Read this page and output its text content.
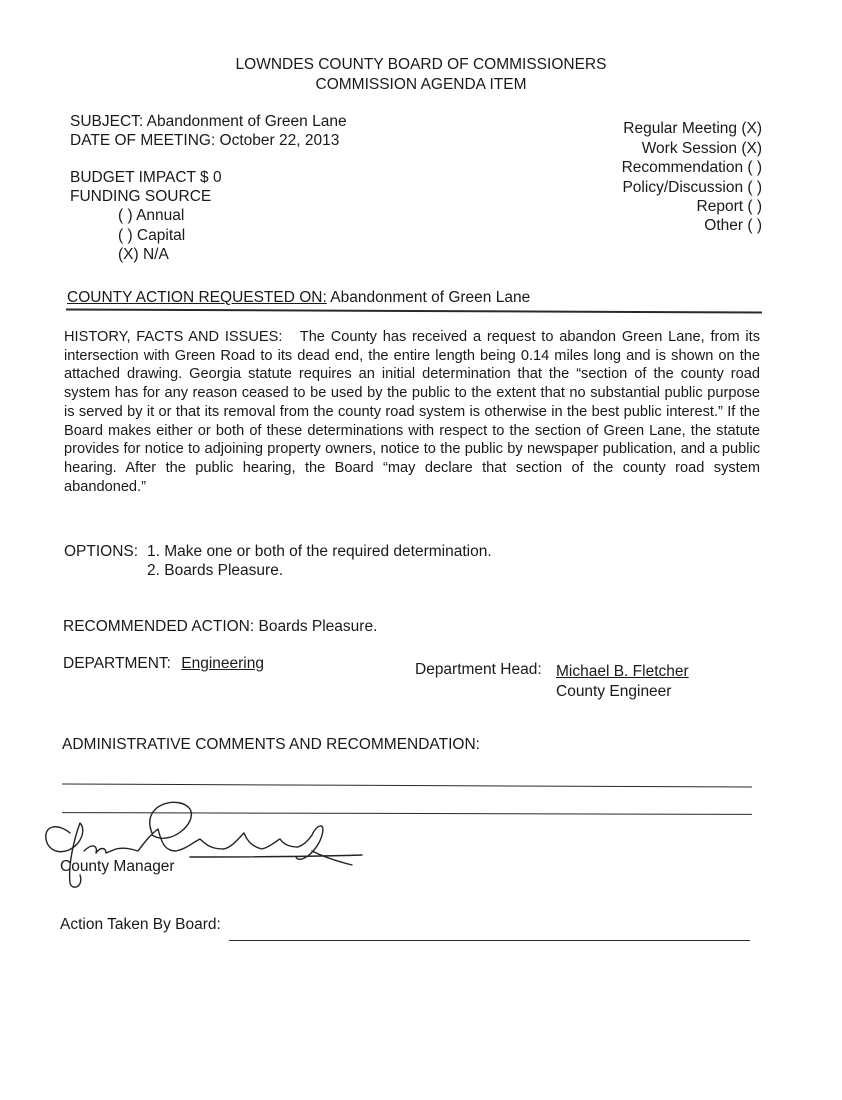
LOWNDES COUNTY BOARD OF COMMISSIONERS
COMMISSION AGENDA ITEM
SUBJECT: Abandonment of Green Lane
DATE OF MEETING: October 22, 2013
BUDGET IMPACT $ 0
FUNDING SOURCE
( ) Annual
( ) Capital
(X) N/A
Regular Meeting (X)
Work Session (X)
Recommendation ( )
Policy/Discussion ( )
Report ( )
Other ( )
COUNTY ACTION REQUESTED ON: Abandonment of Green Lane
HISTORY, FACTS AND ISSUES: The County has received a request to abandon Green Lane, from its intersection with Green Road to its dead end, the entire length being 0.14 miles long and is shown on the attached drawing. Georgia statute requires an initial determination that the “section of the county road system has for any reason ceased to be used by the public to the extent that no substantial public purpose is served by it or that its removal from the county road system is otherwise in the best public interest.” If the Board makes either or both of these determinations with respect to the section of Green Lane, the statute provides for notice to adjoining property owners, notice to the public by newspaper publication, and a public hearing. After the public hearing, the Board “may declare that section of the county road system abandoned.”
OPTIONS: 1. Make one or both of the required determination.
2. Boards Pleasure.
RECOMMENDED ACTION: Boards Pleasure.
DEPARTMENT: Engineering	Department Head: Michael B. Fletcher
County Engineer
ADMINISTRATIVE COMMENTS AND RECOMMENDATION:
County Manager
Action Taken By Board:
